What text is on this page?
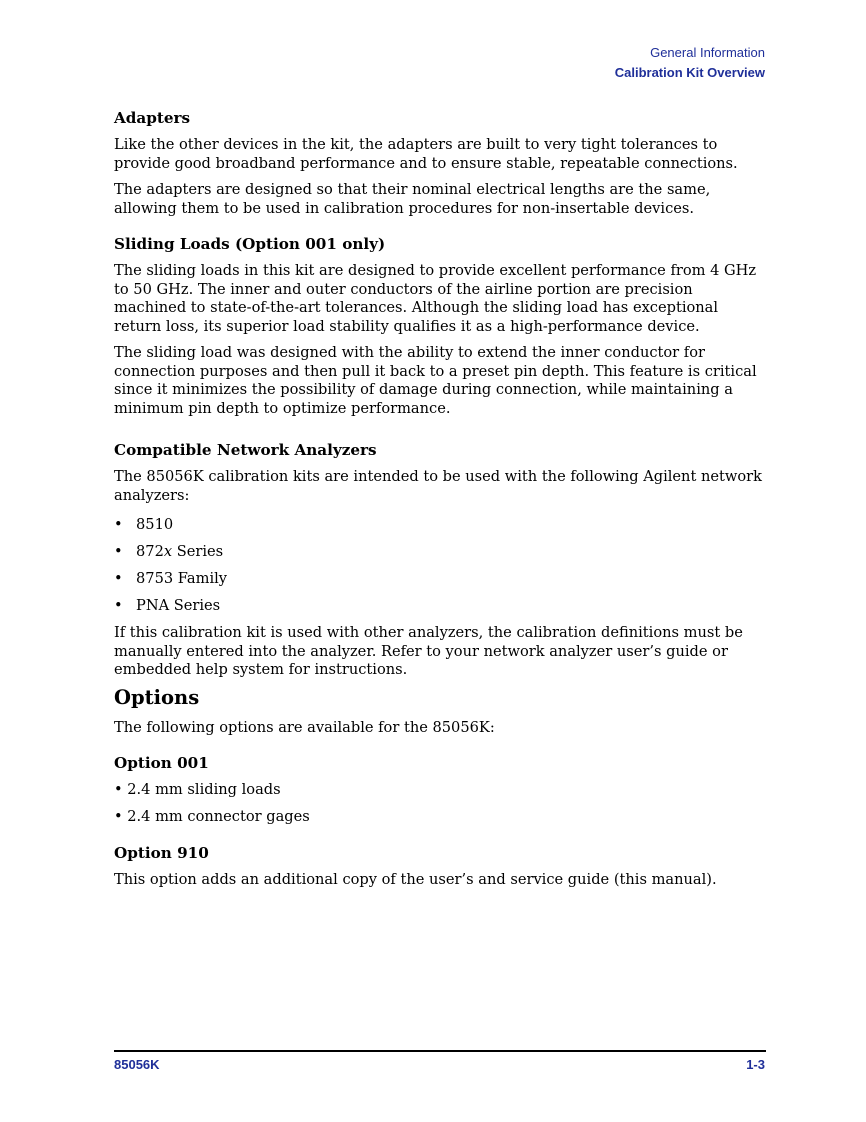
General Information
Calibration Kit Overview
Adapters
Like the other devices in the kit, the adapters are built to very tight tolerances to provide good broadband performance and to ensure stable, repeatable connections.
The adapters are designed so that their nominal electrical lengths are the same, allowing them to be used in calibration procedures for non-insertable devices.
Sliding Loads (Option 001 only)
The sliding loads in this kit are designed to provide excellent performance from 4 GHz to 50 GHz. The inner and outer conductors of the airline portion are precision machined to state-of-the-art tolerances. Although the sliding load has exceptional return loss, its superior load stability qualifies it as a high-performance device.
The sliding load was designed with the ability to extend the inner conductor for connection purposes and then pull it back to a preset pin depth. This feature is critical since it minimizes the possibility of damage during connection, while maintaining a minimum pin depth to optimize performance.
Compatible Network Analyzers
The 85056K calibration kits are intended to be used with the following Agilent network analyzers:
• 8510
• 872x Series
• 8753 Family
• PNA Series
If this calibration kit is used with other analyzers, the calibration definitions must be manually entered into the analyzer. Refer to your network analyzer user’s guide or embedded help system for instructions.
Options
The following options are available for the 85056K:
Option 001
• 2.4 mm sliding loads
• 2.4 mm connector gages
Option 910
This option adds an additional copy of the user’s and service guide (this manual).
85056K	1-3
